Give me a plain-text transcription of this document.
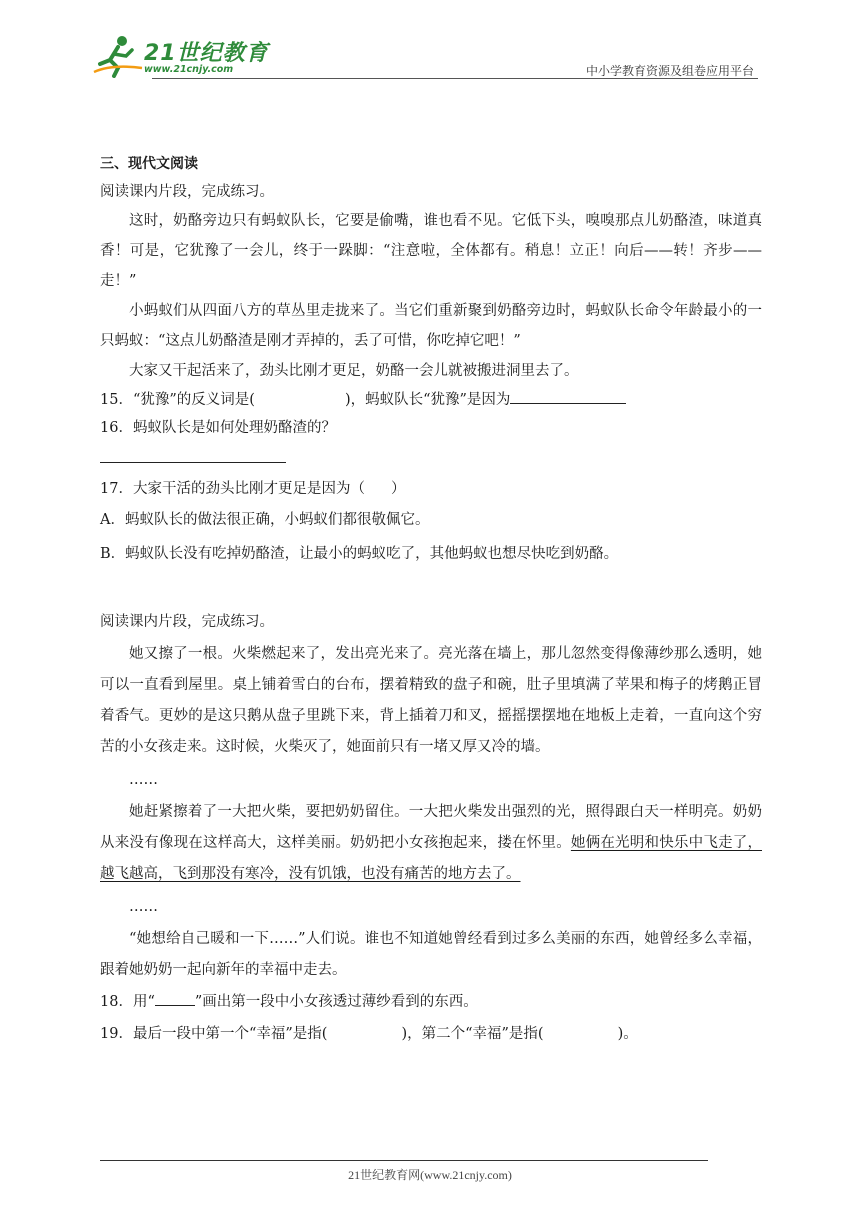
21世纪教育
www.21cnjy.com	中小学教育资源及组卷应用平台

三、现代文阅读

阅读课内片段，完成练习。

这时，奶酪旁边只有蚂蚁队长，它要是偷嘴，谁也看不见。它低下头，嗅嗅那点儿奶酪渣，味道真香！可是，它犹豫了一会儿，终于一跺脚：“注意啦，全体都有。稍息！立正！向后——转！齐步——走！”

小蚂蚁们从四面八方的草丛里走拢来了。当它们重新聚到奶酪旁边时，蚂蚁队长命令年龄最小的一只蚂蚁：“这点儿奶酪渣是刚才弄掉的，丢了可惜，你吃掉它吧！”

大家又干起活来了，劲头比刚才更足，奶酪一会儿就被搬进洞里去了。

15．“犹豫”的反义词是(	)，蚂蚁队长“犹豫”是因为

16．蚂蚁队长是如何处理奶酪渣的？

17．大家干活的劲头比刚才更足是因为（ ）

A．蚂蚁队长的做法很正确，小蚂蚁们都很敬佩它。

B．蚂蚁队长没有吃掉奶酪渣，让最小的蚂蚁吃了，其他蚂蚁也想尽快吃到奶酪。

阅读课内片段，完成练习。

她又擦了一根。火柴燃起来了，发出亮光来了。亮光落在墙上，那儿忽然变得像薄纱那么透明，她可以一直看到屋里。桌上铺着雪白的台布，摆着精致的盘子和碗，肚子里填满了苹果和梅子的烤鹅正冒着香气。更妙的是这只鹅从盘子里跳下来，背上插着刀和叉，摇摇摆摆地在地板上走着，一直向这个穷苦的小女孩走来。这时候，火柴灭了，她面前只有一堵又厚又冷的墙。

……

她赶紧擦着了一大把火柴，要把奶奶留住。一大把火柴发出强烈的光，照得跟白天一样明亮。奶奶从来没有像现在这样高大，这样美丽。奶奶把小女孩抱起来，搂在怀里。她俩在光明和快乐中飞走了，越飞越高，飞到那没有寒冷，没有饥饿，也没有痛苦的地方去了。

……

“她想给自己暖和一下……”人们说。谁也不知道她曾经看到过多么美丽的东西，她曾经多么幸福，跟着她奶奶一起向新年的幸福中走去。

18．用“	”画出第一段中小女孩透过薄纱看到的东西。

19．最后一段中第一个“幸福”是指(	)，第二个“幸福”是指(	)。

21世纪教育网(www.21cnjy.com)
